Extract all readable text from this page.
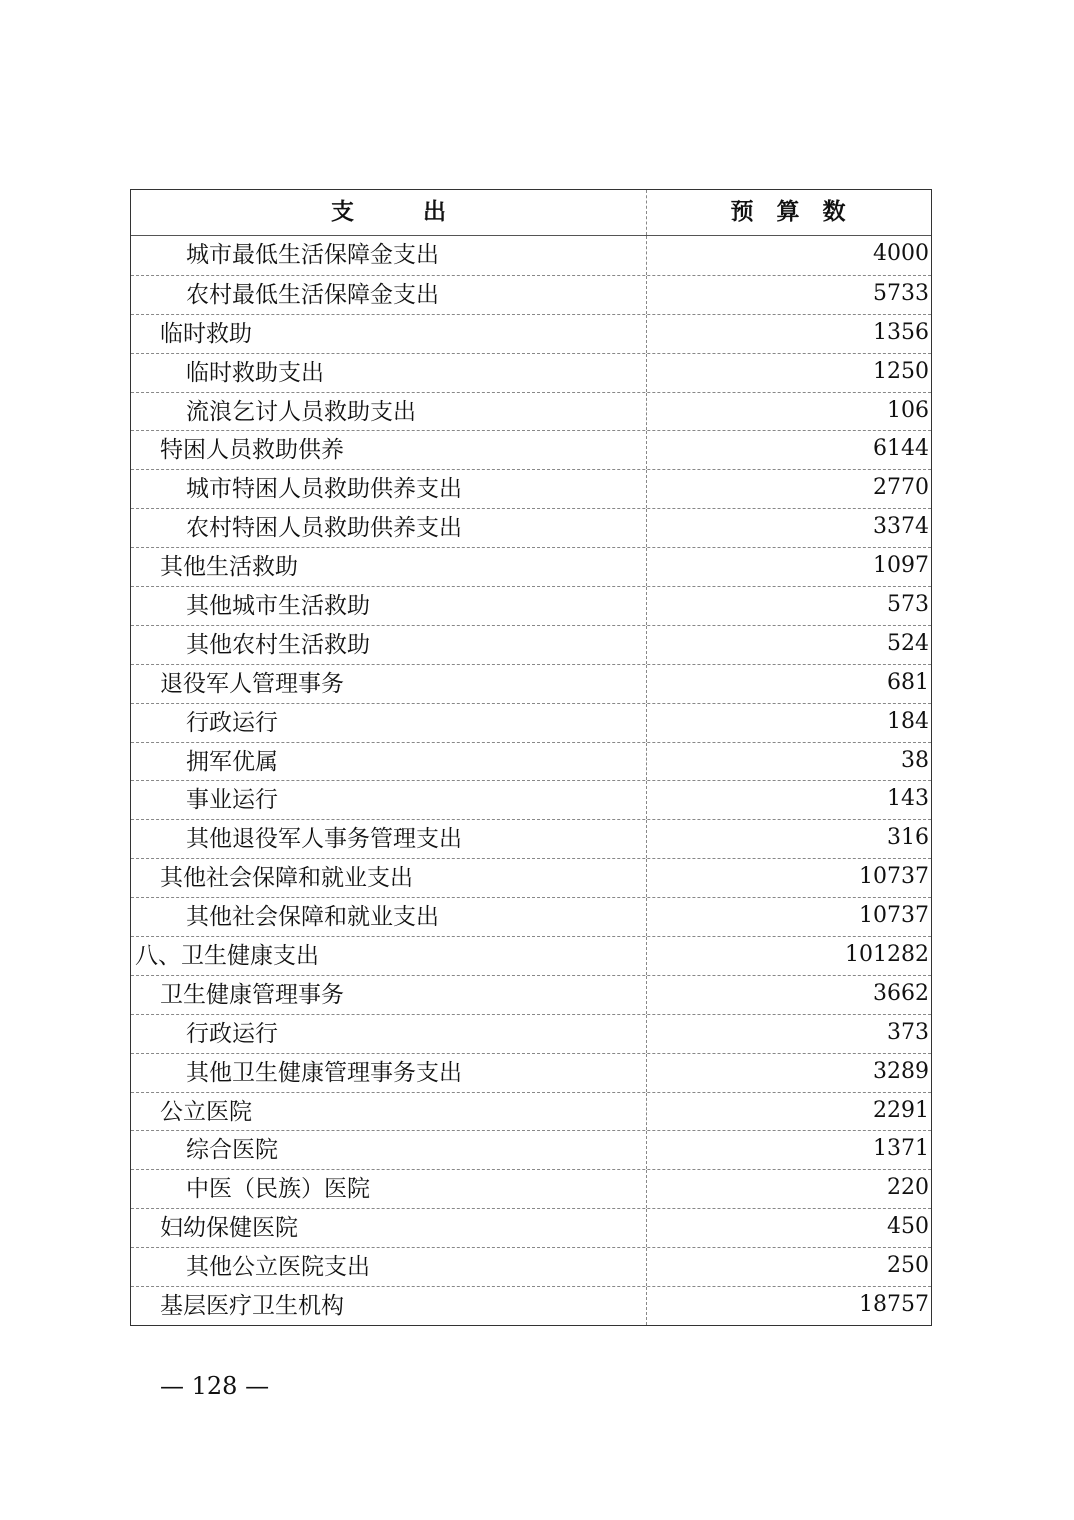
支　　　出	预　算　数
城市最低生活保障金支出	4000
农村最低生活保障金支出	5733
临时救助	1356
临时救助支出	1250
流浪乞讨人员救助支出	106
特困人员救助供养	6144
城市特困人员救助供养支出	2770
农村特困人员救助供养支出	3374
其他生活救助	1097
其他城市生活救助	573
其他农村生活救助	524
退役军人管理事务	681
行政运行	184
拥军优属	38
事业运行	143
其他退役军人事务管理支出	316
其他社会保障和就业支出	10737
其他社会保障和就业支出	10737
八、卫生健康支出	101282
卫生健康管理事务	3662
行政运行	373
其他卫生健康管理事务支出	3289
公立医院	2291
综合医院	1371
中医（民族）医院	220
妇幼保健医院	450
其他公立医院支出	250
基层医疗卫生机构	18757
— 128 —
